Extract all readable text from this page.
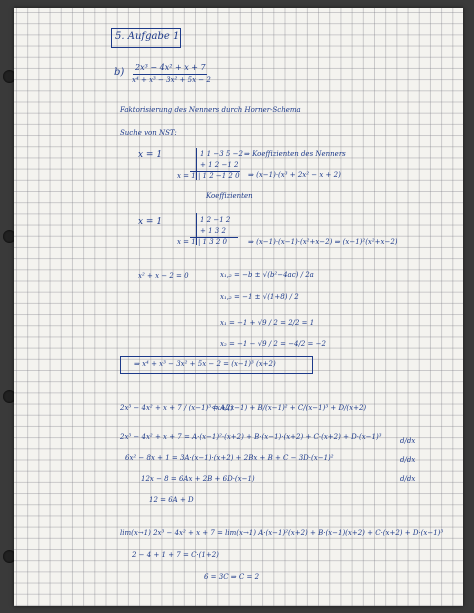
5. Aufgabe 1
b) 2x³ − 4x² + x + 7
x⁴ + x³ − 3x² + 5x − 2
Faktorisierung des Nenners durch Horner-Schema
Suche von NST:
x = 1	1 1 −3 5 −2 ⇒ Koeffizienten des Nenners
+ 1 2 −1 2
x = 1 | 1 2 −1 2 0 ⇒ (x−1)·(x³ + 2x² − x + 2)
Koeffizienten
x = 1	1 2 −1 2
+ 1 3 2
x = 1 | 1 3 2 0	⇒ (x−1)·(x−1)·(x²+x−2) ⇒ (x−1)²(x²+x−2)
x² + x − 2 = 0	x₁,₂ = −b ± √(b²−4ac) / 2a
x₁,₂ = −1 ± √(1+8) / 2
x₁ = −1 + √9 / 2 = 2/2 = 1
x₂ = −1 − √9 / 2 = −4/2 = −2
⇒ x⁴ + x³ − 3x² + 5x − 2 = (x−1)³ (x+2)
2x³ − 4x² + x + 7 / (x−1)³·(x+2)
= A/(x−1) + B/(x−1)² + C/(x−1)³ + D/(x+2)
2x³ − 4x² + x + 7 = A·(x−1)²·(x+2) + B·(x−1)·(x+2) + C·(x+2) + D·(x−1)³
6x² − 8x + 1 = 3A·(x−1)·(x+2) + 2Bx + B + C − 3D·(x−1)²
12x − 8 = 6Ax + 2B + 6D·(x−1)
12 = 6A + D
d/dx
d/dx
d/dx
lim(x→1) 2x³ − 4x² + x + 7 = lim(x→1) A·(x−1)²(x+2) + B·(x−1)(x+2) + C·(x+2) + D·(x−1)³
2 − 4 + 1 + 7 = C·(1+2)
6 = 3C ⇒ C = 2
